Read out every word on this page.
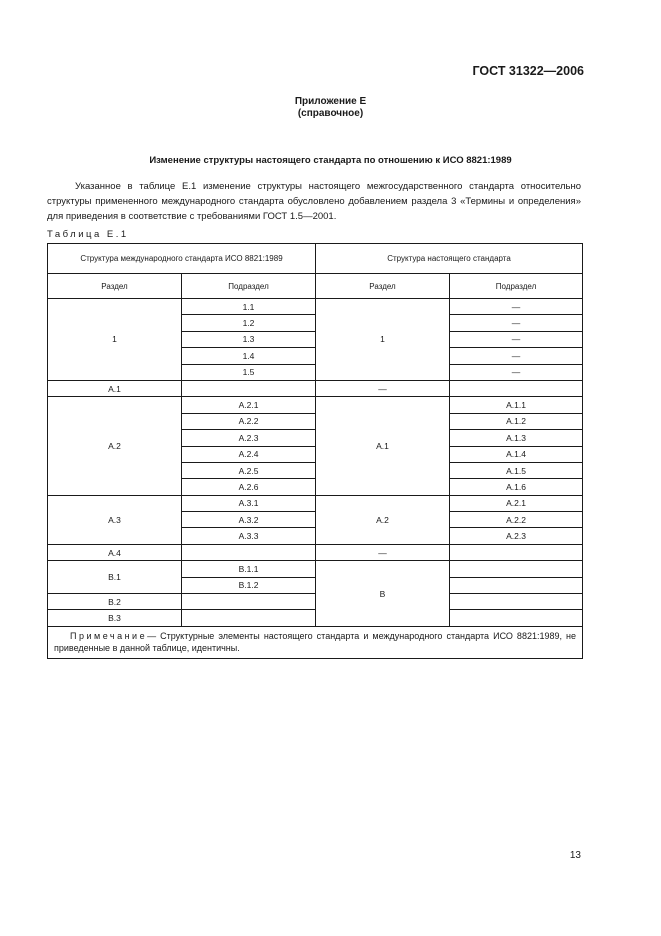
ГОСТ 31322—2006
Приложение Е
(справочное)
Изменение структуры настоящего стандарта по отношению к ИСО 8821:1989
Указанное в таблице Е.1 изменение структуры настоящего межгосударственного стандарта относительно структуры примененного международного стандарта обусловлено добавлением раздела 3 «Термины и определения» для приведения в соответствие с требованиями ГОСТ 1.5—2001.
Таблица Е.1
Структура международного стандарта ИСО 8821:1989		Структура настоящего стандарта	
Раздел	Подраздел	Раздел	Подраздел
1	1.1	1	—
	1.2		—
	1.3		—
	1.4		—
	1.5		—
А.1		—	
А.2	А.2.1	А.1	А.1.1
	А.2.2		А.1.2
	А.2.3		А.1.3
	А.2.4		А.1.4
	А.2.5		А.1.5
	А.2.6		А.1.6
А.3	А.3.1	А.2	А.2.1
	А.3.2		А.2.2
	А.3.3		А.2.3
А.4		—	
В.1	В.1.1	В	
	В.1.2		
В.2			
В.3			
Примечание— Структурные элементы настоящего стандарта и международного стандарта ИСО 8821:1989, не приведенные в данной таблице, идентичны.			
13
